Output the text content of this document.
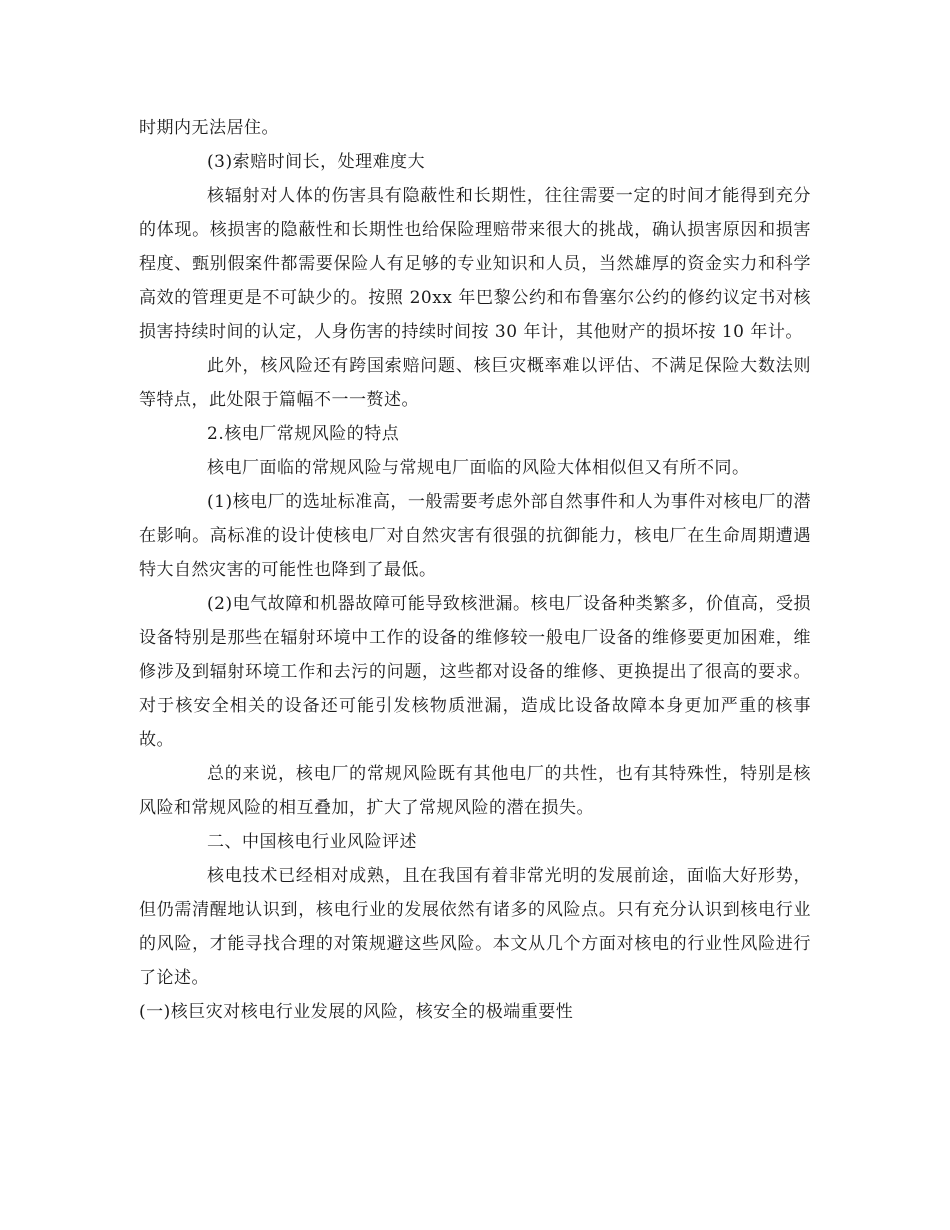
时期内无法居住。

(3)索赔时间长，处理难度大

核辐射对人体的伤害具有隐蔽性和长期性，往往需要一定的时间才能得到充分的体现。核损害的隐蔽性和长期性也给保险理赔带来很大的挑战，确认损害原因和损害程度、甄别假案件都需要保险人有足够的专业知识和人员，当然雄厚的资金实力和科学高效的管理更是不可缺少的。按照 20xx 年巴黎公约和布鲁塞尔公约的修约议定书对核损害持续时间的认定，人身伤害的持续时间按 30 年计，其他财产的损坏按 10 年计。

此外，核风险还有跨国索赔问题、核巨灾概率难以评估、不满足保险大数法则等特点，此处限于篇幅不一一赘述。

2.核电厂常规风险的特点

核电厂面临的常规风险与常规电厂面临的风险大体相似但又有所不同。

(1)核电厂的选址标准高，一般需要考虑外部自然事件和人为事件对核电厂的潜在影响。高标准的设计使核电厂对自然灾害有很强的抗御能力，核电厂在生命周期遭遇特大自然灾害的可能性也降到了最低。

(2)电气故障和机器故障可能导致核泄漏。核电厂设备种类繁多，价值高，受损设备特别是那些在辐射环境中工作的设备的维修较一般电厂设备的维修要更加困难，维修涉及到辐射环境工作和去污的问题，这些都对设备的维修、更换提出了很高的要求。对于核安全相关的设备还可能引发核物质泄漏，造成比设备故障本身更加严重的核事故。

总的来说，核电厂的常规风险既有其他电厂的共性，也有其特殊性，特别是核风险和常规风险的相互叠加，扩大了常规风险的潜在损失。

二、中国核电行业风险评述

核电技术已经相对成熟，且在我国有着非常光明的发展前途，面临大好形势，但仍需清醒地认识到，核电行业的发展依然有诸多的风险点。只有充分认识到核电行业的风险，才能寻找合理的对策规避这些风险。本文从几个方面对核电的行业性风险进行了论述。

(一)核巨灾对核电行业发展的风险，核安全的极端重要性
